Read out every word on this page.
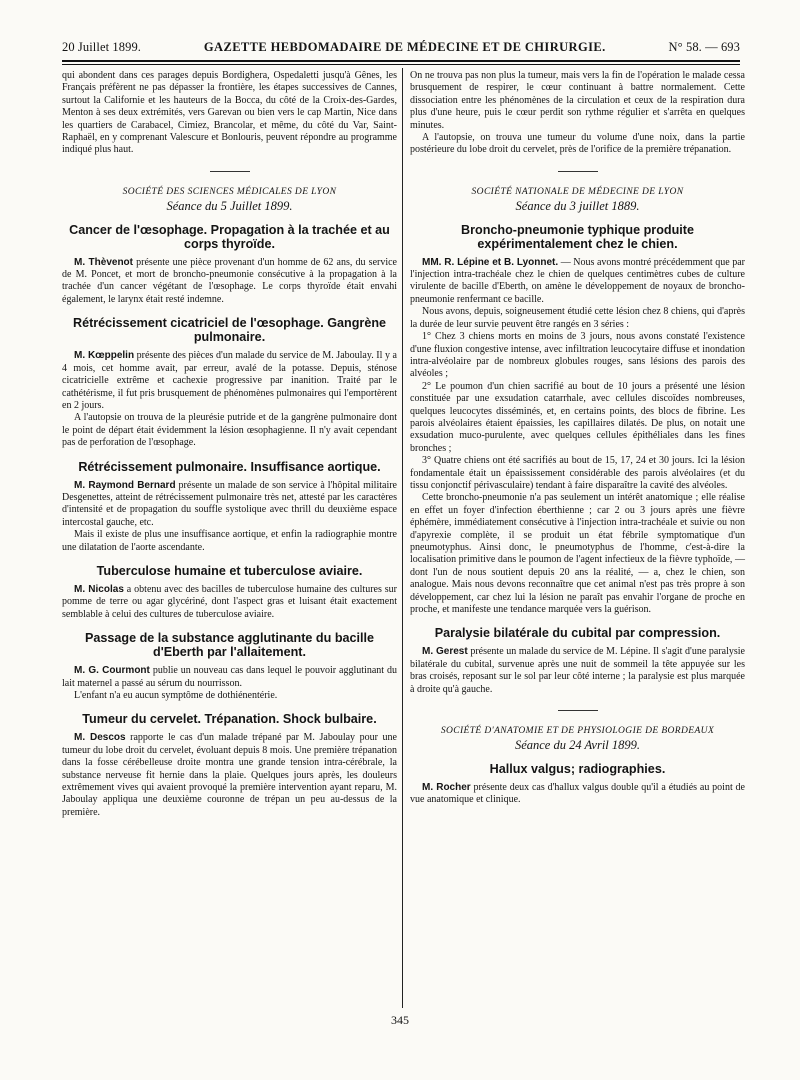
20 Juillet 1899.	GAZETTE HEBDOMADAIRE DE MÉDECINE ET DE CHIRURGIE.	N° 58. — 693

qui abondent dans ces parages depuis Bordighera, Ospedaletti jusqu'à Gênes, les Français préfèrent ne pas dépasser la frontière, les étapes successives de Cannes, surtout la Californie et les hauteurs de la Bocca, du côté de la Croix-des-Gardes, Menton à ses deux extrémités, vers Garevan ou bien vers le cap Martin, Nice dans les quartiers de Carabacel, Cimiez, Brancolar, et même, du côté du Var, Saint-Raphaël, en y comprenant Valescure et Bonlouris, peuvent répondre au programme indiqué plus haut.

SOCIÉTÉ DES SCIENCES MÉDICALES DE LYON
Séance du 5 Juillet 1899.
Cancer de l'œsophage. Propagation à la trachée et au corps thyroïde.

M. Thèvenot présente une pièce provenant d'un homme de 62 ans, du service de M. Poncet, et mort de broncho-pneumonie consécutive à la propagation à la trachée d'un cancer végétant de l'œsophage. Le corps thyroïde était envahi également, le larynx était resté indemne.

Rétrécissement cicatriciel de l'œsophage. Gangrène pulmonaire.

M. Kœppelin présente des pièces d'un malade du service de M. Jaboulay. Il y a 4 mois, cet homme avait, par erreur, avalé de la potasse. Depuis, sténose cicatricielle extrême et cachexie progressive par inanition. Traité par le cathétérisme, il fut pris brusquement de phénomènes pulmonaires qui l'emportèrent en 2 jours.

A l'autopsie on trouva de la pleurésie putride et de la gangrène pulmonaire dont le point de départ était évidemment la lésion œsophagienne. Il n'y avait cependant pas de perforation de l'œsophage.

Rétrécissement pulmonaire. Insuffisance aortique.

M. Raymond Bernard présente un malade de son service à l'hôpital militaire Desgenettes, atteint de rétrécissement pulmonaire très net, attesté par les caractères d'intensité et de propagation du souffle systolique avec thrill du deuxième espace intercostal gauche, etc.

Mais il existe de plus une insuffisance aortique, et enfin la radiographie montre une dilatation de l'aorte ascendante.

Tuberculose humaine et tuberculose aviaire.

M. Nicolas a obtenu avec des bacilles de tuberculose humaine des cultures sur pomme de terre ou agar glycériné, dont l'aspect gras et luisant était exactement semblable à celui des cultures de tuberculose aviaire.

Passage de la substance agglutinante du bacille d'Eberth par l'allaitement.

M. G. Courmont publie un nouveau cas dans lequel le pouvoir agglutinant du lait maternel a passé au sérum du nourrisson.

L'enfant n'a eu aucun symptôme de dothiénentérie.

Tumeur du cervelet. Trépanation. Shock bulbaire.

M. Descos rapporte le cas d'un malade trépané par M. Jaboulay pour une tumeur du lobe droit du cervelet, évoluant depuis 8 mois. Une première trépanation dans la fosse cérébelleuse droite montra une grande tension intra-cérébrale, la substance nerveuse fit hernie dans la plaie. Quelques jours après, les douleurs extrêmement vives qui avaient provoqué la première intervention ayant reparu, M. Jaboulay appliqua une deuxième couronne de trépan un peu au-dessus de la première.

On ne trouva pas non plus la tumeur, mais vers la fin de l'opération le malade cessa brusquement de respirer, le cœur continuant à battre normalement. Cette dissociation entre les phénomènes de la circulation et ceux de la respiration dura plus d'une heure, puis le cœur perdit son rythme régulier et s'arrêta en quelques minutes.

A l'autopsie, on trouva une tumeur du volume d'une noix, dans la partie postérieure du lobe droit du cervelet, près de l'orifice de la première trépanation.

SOCIÉTÉ NATIONALE DE MÉDECINE DE LYON
Séance du 3 juillet 1889.
Broncho-pneumonie typhique produite expérimentalement chez le chien.

MM. R. Lépine et B. Lyonnet. — Nous avons montré précédemment que par l'injection intra-trachéale chez le chien de quelques centimètres cubes de culture virulente de bacille d'Eberth, on amène le développement de noyaux de broncho-pneumonie renfermant ce bacille.

Nous avons, depuis, soigneusement étudié cette lésion chez 8 chiens, qui d'après la durée de leur survie peuvent être rangés en 3 séries :

1° Chez 3 chiens morts en moins de 3 jours, nous avons constaté l'existence d'une fluxion congestive intense, avec infiltration leucocytaire diffuse et inondation intra-alvéolaire par de nombreux globules rouges, sans lésions des parois des alvéoles ;

2° Le poumon d'un chien sacrifié au bout de 10 jours a présenté une lésion constituée par une exsudation catarrhale, avec cellules discoïdes nombreuses, quelques leucocytes disséminés, et, en certains points, des blocs de fibrine. Les parois alvéolaires étaient épaissies, les capillaires dilatés. De plus, on notait une exsudation muco-purulente, avec quelques cellules épithéliales dans les fines bronches ;

3° Quatre chiens ont été sacrifiés au bout de 15, 17, 24 et 30 jours. Ici la lésion fondamentale était un épaississement considérable des parois alvéolaires (et du tissu conjonctif périvasculaire) tendant à faire disparaître la cavité des alvéoles.

Cette broncho-pneumonie n'a pas seulement un intérêt anatomique ; elle réalise en effet un foyer d'infection éberthienne ; car 2 ou 3 jours après une fièvre éphémère, immédiatement consécutive à l'injection intra-trachéale et suivie ou non d'apyrexie complète, il se produit un état fébrile symptomatique d'un pneumotyphus. Ainsi donc, le pneumotyphus de l'homme, c'est-à-dire la localisation primitive dans le poumon de l'agent infectieux de la fièvre typhoïde, — dont l'un de nous soutient depuis 20 ans la réalité, — a, chez le chien, son analogue. Mais nous devons reconnaître que cet animal n'est pas très propre à son développement, car chez lui la lésion ne paraît pas envahir l'organe de proche en proche, et manifeste une tendance marquée vers la guérison.

Paralysie bilatérale du cubital par compression.

M. Gerest présente un malade du service de M. Lépine. Il s'agit d'une paralysie bilatérale du cubital, survenue après une nuit de sommeil la tête appuyée sur les bras croisés, reposant sur le sol par leur côté interne ; la paralysie est plus marquée à droite qu'à gauche.

SOCIÉTÉ D'ANATOMIE ET DE PHYSIOLOGIE DE BORDEAUX
Séance du 24 Avril 1899.
Hallux valgus; radiographies.

M. Rocher présente deux cas d'hallux valgus double qu'il a étudiés au point de vue anatomique et clinique.

345
